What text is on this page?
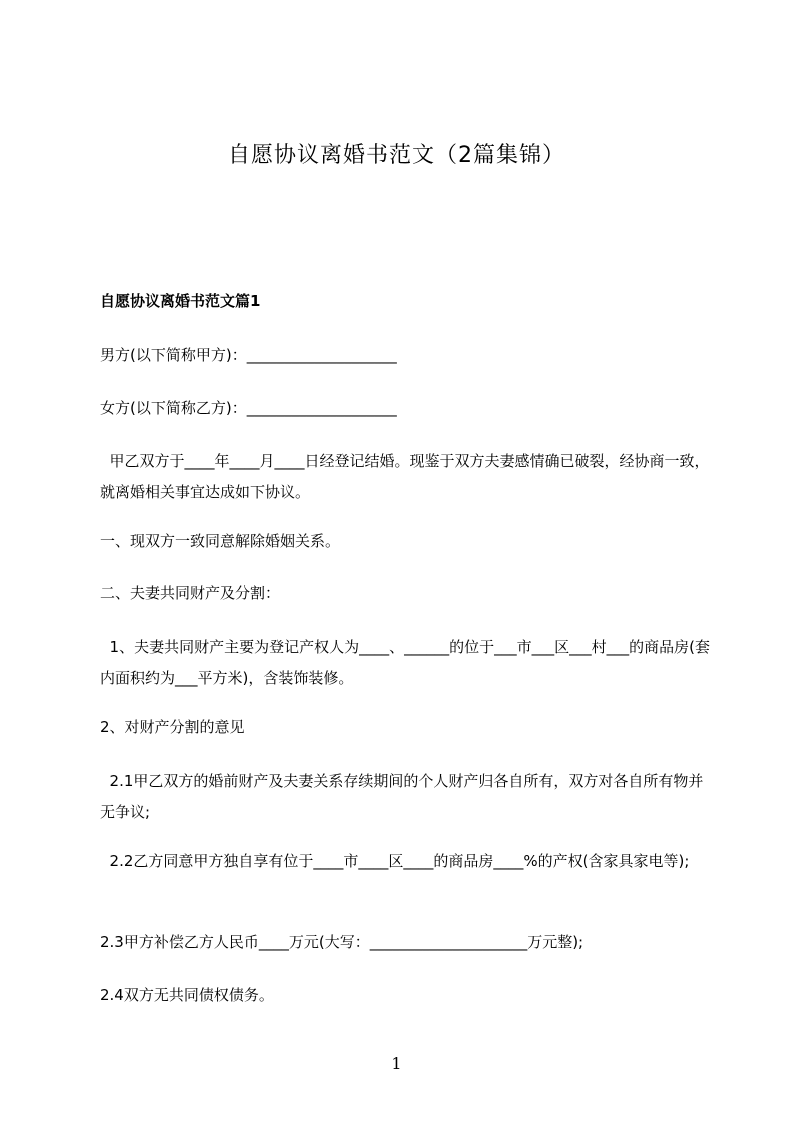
自愿协议离婚书范文（2篇集锦）
自愿协议离婚书范文篇1
男方(以下简称甲方)：____________________
女方(以下简称乙方)：____________________
甲乙双方于____年____月____日经登记结婚。现鉴于双方夫妻感情确已破裂，经协商一致，就离婚相关事宜达成如下协议。
一、现双方一致同意解除婚姻关系。
二、夫妻共同财产及分割：
1、夫妻共同财产主要为登记产权人为____、______的位于___市___区___村___的商品房(套内面积约为___平方米)，含装饰装修。
2、对财产分割的意见
2.1甲乙双方的婚前财产及夫妻关系存续期间的个人财产归各自所有，双方对各自所有物并无争议;
2.2乙方同意甲方独自享有位于____市____区____的商品房____%的产权(含家具家电等);
2.3甲方补偿乙方人民币____万元(大写：_____________________万元整);
2.4双方无共同债权债务。
1
